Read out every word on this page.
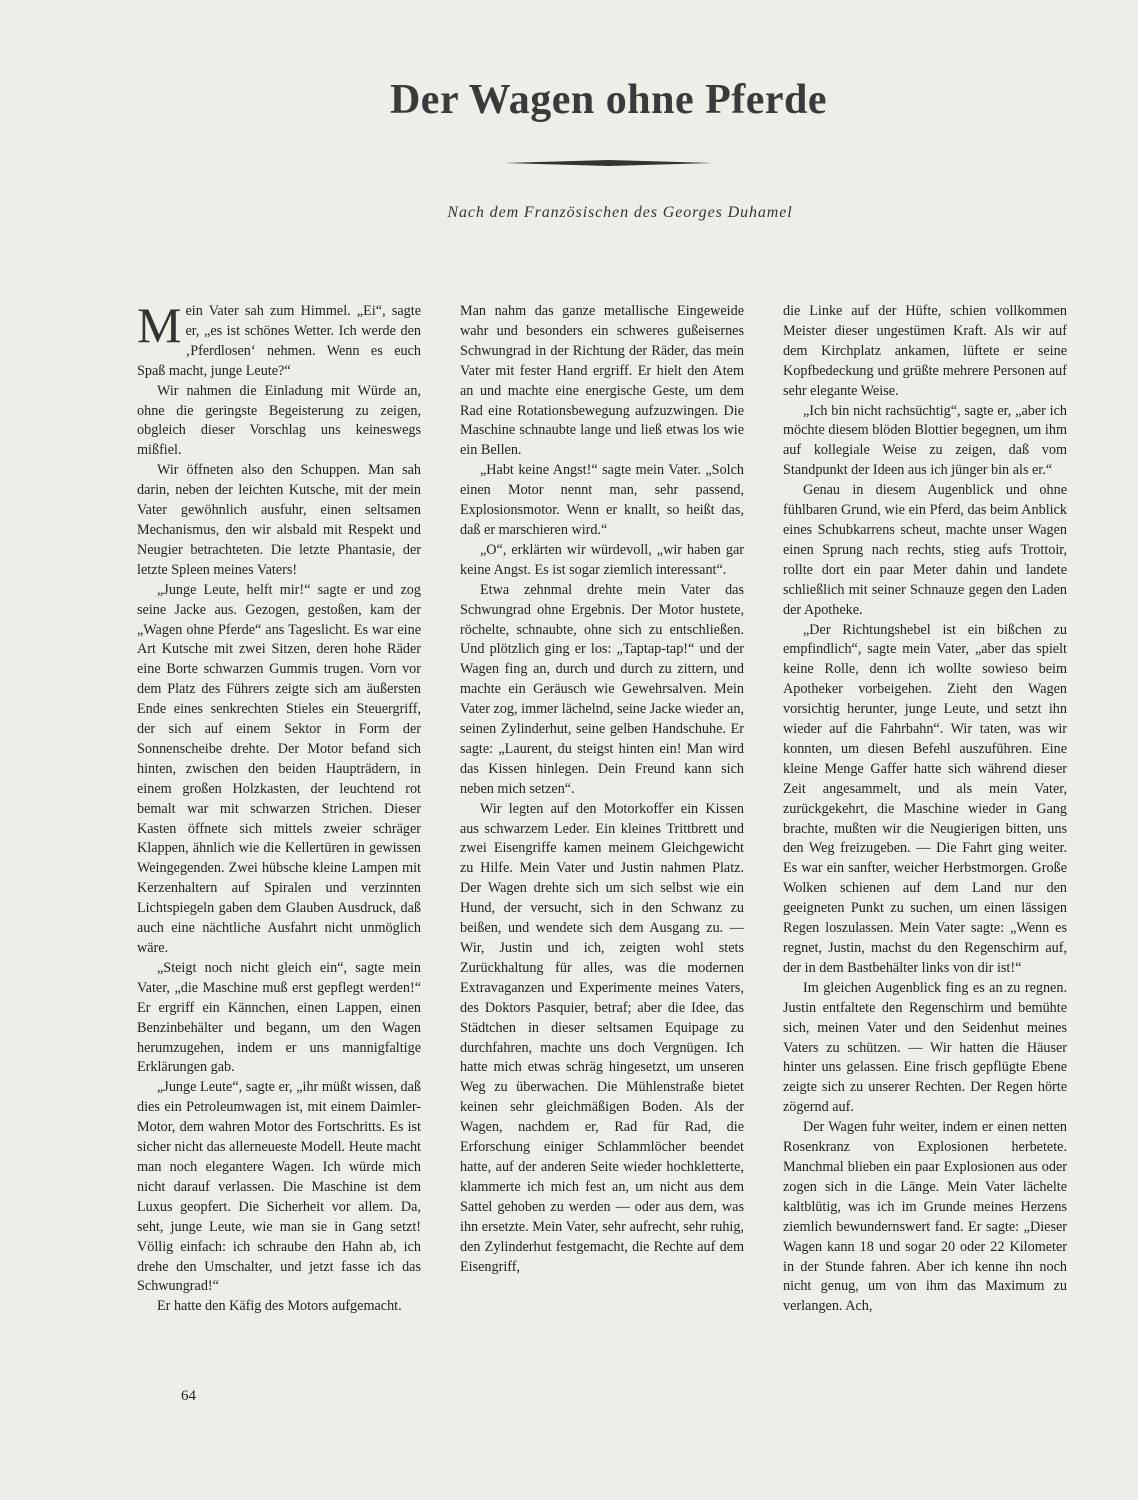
Der Wagen ohne Pferde

Nach dem Französischen des Georges Duhamel

Mein Vater sah zum Himmel. „Ei“, sagte er, „es ist schönes Wetter. Ich werde den ‚Pferdlosen‘ nehmen. Wenn es euch Spaß macht, junge Leute?“

Wir nahmen die Einladung mit Würde an, ohne die geringste Begeisterung zu zeigen, obgleich dieser Vorschlag uns keineswegs mißfiel.

Wir öffneten also den Schuppen. Man sah darin, neben der leichten Kutsche, mit der mein Vater gewöhnlich ausfuhr, einen seltsamen Mechanismus, den wir alsbald mit Respekt und Neugier betrachteten. Die letzte Phantasie, der letzte Spleen meines Vaters!

„Junge Leute, helft mir!“ sagte er und zog seine Jacke aus. Gezogen, gestoßen, kam der „Wagen ohne Pferde“ ans Tageslicht. Es war eine Art Kutsche mit zwei Sitzen, deren hohe Räder eine Borte schwarzen Gummis trugen. Vorn vor dem Platz des Führers zeigte sich am äußersten Ende eines senkrechten Stieles ein Steuergriff, der sich auf einem Sektor in Form der Sonnenscheibe drehte. Der Motor befand sich hinten, zwischen den beiden Haupträdern, in einem großen Holzkasten, der leuchtend rot bemalt war mit schwarzen Strichen. Dieser Kasten öffnete sich mittels zweier schräger Klappen, ähnlich wie die Kellertüren in gewissen Weingegenden. Zwei hübsche kleine Lampen mit Kerzenhaltern auf Spiralen und verzinnten Lichtspiegeln gaben dem Glauben Ausdruck, daß auch eine nächtliche Ausfahrt nicht unmöglich wäre.

„Steigt noch nicht gleich ein“, sagte mein Vater, „die Maschine muß erst gepflegt werden!“ Er ergriff ein Kännchen, einen Lappen, einen Benzinbehälter und begann, um den Wagen herumzugehen, indem er uns mannigfaltige Erklärungen gab.

„Junge Leute“, sagte er, „ihr müßt wissen, daß dies ein Petroleumwagen ist, mit einem Daimler-Motor, dem wahren Motor des Fortschritts. Es ist sicher nicht das allerneueste Modell. Heute macht man noch elegantere Wagen. Ich würde mich nicht darauf verlassen. Die Maschine ist dem Luxus geopfert. Die Sicherheit vor allem. Da, seht, junge Leute, wie man sie in Gang setzt! Völlig einfach: ich schraube den Hahn ab, ich drehe den Umschalter, und jetzt fasse ich das Schwungrad!“

Er hatte den Käfig des Motors aufgemacht.

Man nahm das ganze metallische Eingeweide wahr und besonders ein schweres gußeisernes Schwungrad in der Richtung der Räder, das mein Vater mit fester Hand ergriff. Er hielt den Atem an und machte eine energische Geste, um dem Rad eine Rotationsbewegung aufzuzwingen. Die Maschine schnaubte lange und ließ etwas los wie ein Bellen.

„Habt keine Angst!“ sagte mein Vater. „Solch einen Motor nennt man, sehr passend, Explosionsmotor. Wenn er knallt, so heißt das, daß er marschieren wird.“

„O“, erklärten wir würdevoll, „wir haben gar keine Angst. Es ist sogar ziemlich interessant“.

Etwa zehnmal drehte mein Vater das Schwungrad ohne Ergebnis. Der Motor hustete, röchelte, schnaubte, ohne sich zu entschließen. Und plötzlich ging er los: „Taptap-tap!“ und der Wagen fing an, durch und durch zu zittern, und machte ein Geräusch wie Gewehrsalven. Mein Vater zog, immer lächelnd, seine Jacke wieder an, seinen Zylinderhut, seine gelben Handschuhe. Er sagte: „Laurent, du steigst hinten ein! Man wird das Kissen hinlegen. Dein Freund kann sich neben mich setzen“.

Wir legten auf den Motorkoffer ein Kissen aus schwarzem Leder. Ein kleines Trittbrett und zwei Eisengriffe kamen meinem Gleichgewicht zu Hilfe. Mein Vater und Justin nahmen Platz. Der Wagen drehte sich um sich selbst wie ein Hund, der versucht, sich in den Schwanz zu beißen, und wendete sich dem Ausgang zu. — Wir, Justin und ich, zeigten wohl stets Zurückhaltung für alles, was die modernen Extravaganzen und Experimente meines Vaters, des Doktors Pasquier, betraf; aber die Idee, das Städtchen in dieser seltsamen Equipage zu durchfahren, machte uns doch Vergnügen. Ich hatte mich etwas schräg hingesetzt, um unseren Weg zu überwachen. Die Mühlenstraße bietet keinen sehr gleichmäßigen Boden. Als der Wagen, nachdem er, Rad für Rad, die Erforschung einiger Schlammlöcher beendet hatte, auf der anderen Seite wieder hochkletterte, klammerte ich mich fest an, um nicht aus dem Sattel gehoben zu werden — oder aus dem, was ihn ersetzte. Mein Vater, sehr aufrecht, sehr ruhig, den Zylinderhut festgemacht, die Rechte auf dem Eisengriff,

die Linke auf der Hüfte, schien vollkommen Meister dieser ungestümen Kraft. Als wir auf dem Kirchplatz ankamen, lüftete er seine Kopfbedeckung und grüßte mehrere Personen auf sehr elegante Weise.

„Ich bin nicht rachsüchtig“, sagte er, „aber ich möchte diesem blöden Blottier begegnen, um ihm auf kollegiale Weise zu zeigen, daß vom Standpunkt der Ideen aus ich jünger bin als er.“

Genau in diesem Augenblick und ohne fühlbaren Grund, wie ein Pferd, das beim Anblick eines Schubkarrens scheut, machte unser Wagen einen Sprung nach rechts, stieg aufs Trottoir, rollte dort ein paar Meter dahin und landete schließlich mit seiner Schnauze gegen den Laden der Apotheke.

„Der Richtungshebel ist ein bißchen zu empfindlich“, sagte mein Vater, „aber das spielt keine Rolle, denn ich wollte sowieso beim Apotheker vorbeigehen. Zieht den Wagen vorsichtig herunter, junge Leute, und setzt ihn wieder auf die Fahrbahn“. Wir taten, was wir konnten, um diesen Befehl auszuführen. Eine kleine Menge Gaffer hatte sich während dieser Zeit angesammelt, und als mein Vater, zurückgekehrt, die Maschine wieder in Gang brachte, mußten wir die Neugierigen bitten, uns den Weg freizugeben. — Die Fahrt ging weiter. Es war ein sanfter, weicher Herbstmorgen. Große Wolken schienen auf dem Land nur den geeigneten Punkt zu suchen, um einen lässigen Regen loszulassen. Mein Vater sagte: „Wenn es regnet, Justin, machst du den Regenschirm auf, der in dem Bastbehälter links von dir ist!“

Im gleichen Augenblick fing es an zu regnen. Justin entfaltete den Regenschirm und bemühte sich, meinen Vater und den Seidenhut meines Vaters zu schützen. — Wir hatten die Häuser hinter uns gelassen. Eine frisch gepflügte Ebene zeigte sich zu unserer Rechten. Der Regen hörte zögernd auf.

Der Wagen fuhr weiter, indem er einen netten Rosenkranz von Explosionen herbetete. Manchmal blieben ein paar Explosionen aus oder zogen sich in die Länge. Mein Vater lächelte kaltblütig, was ich im Grunde meines Herzens ziemlich bewundernswert fand. Er sagte: „Dieser Wagen kann 18 und sogar 20 oder 22 Kilometer in der Stunde fahren. Aber ich kenne ihn noch nicht genug, um von ihm das Maximum zu verlangen. Ach,

64
